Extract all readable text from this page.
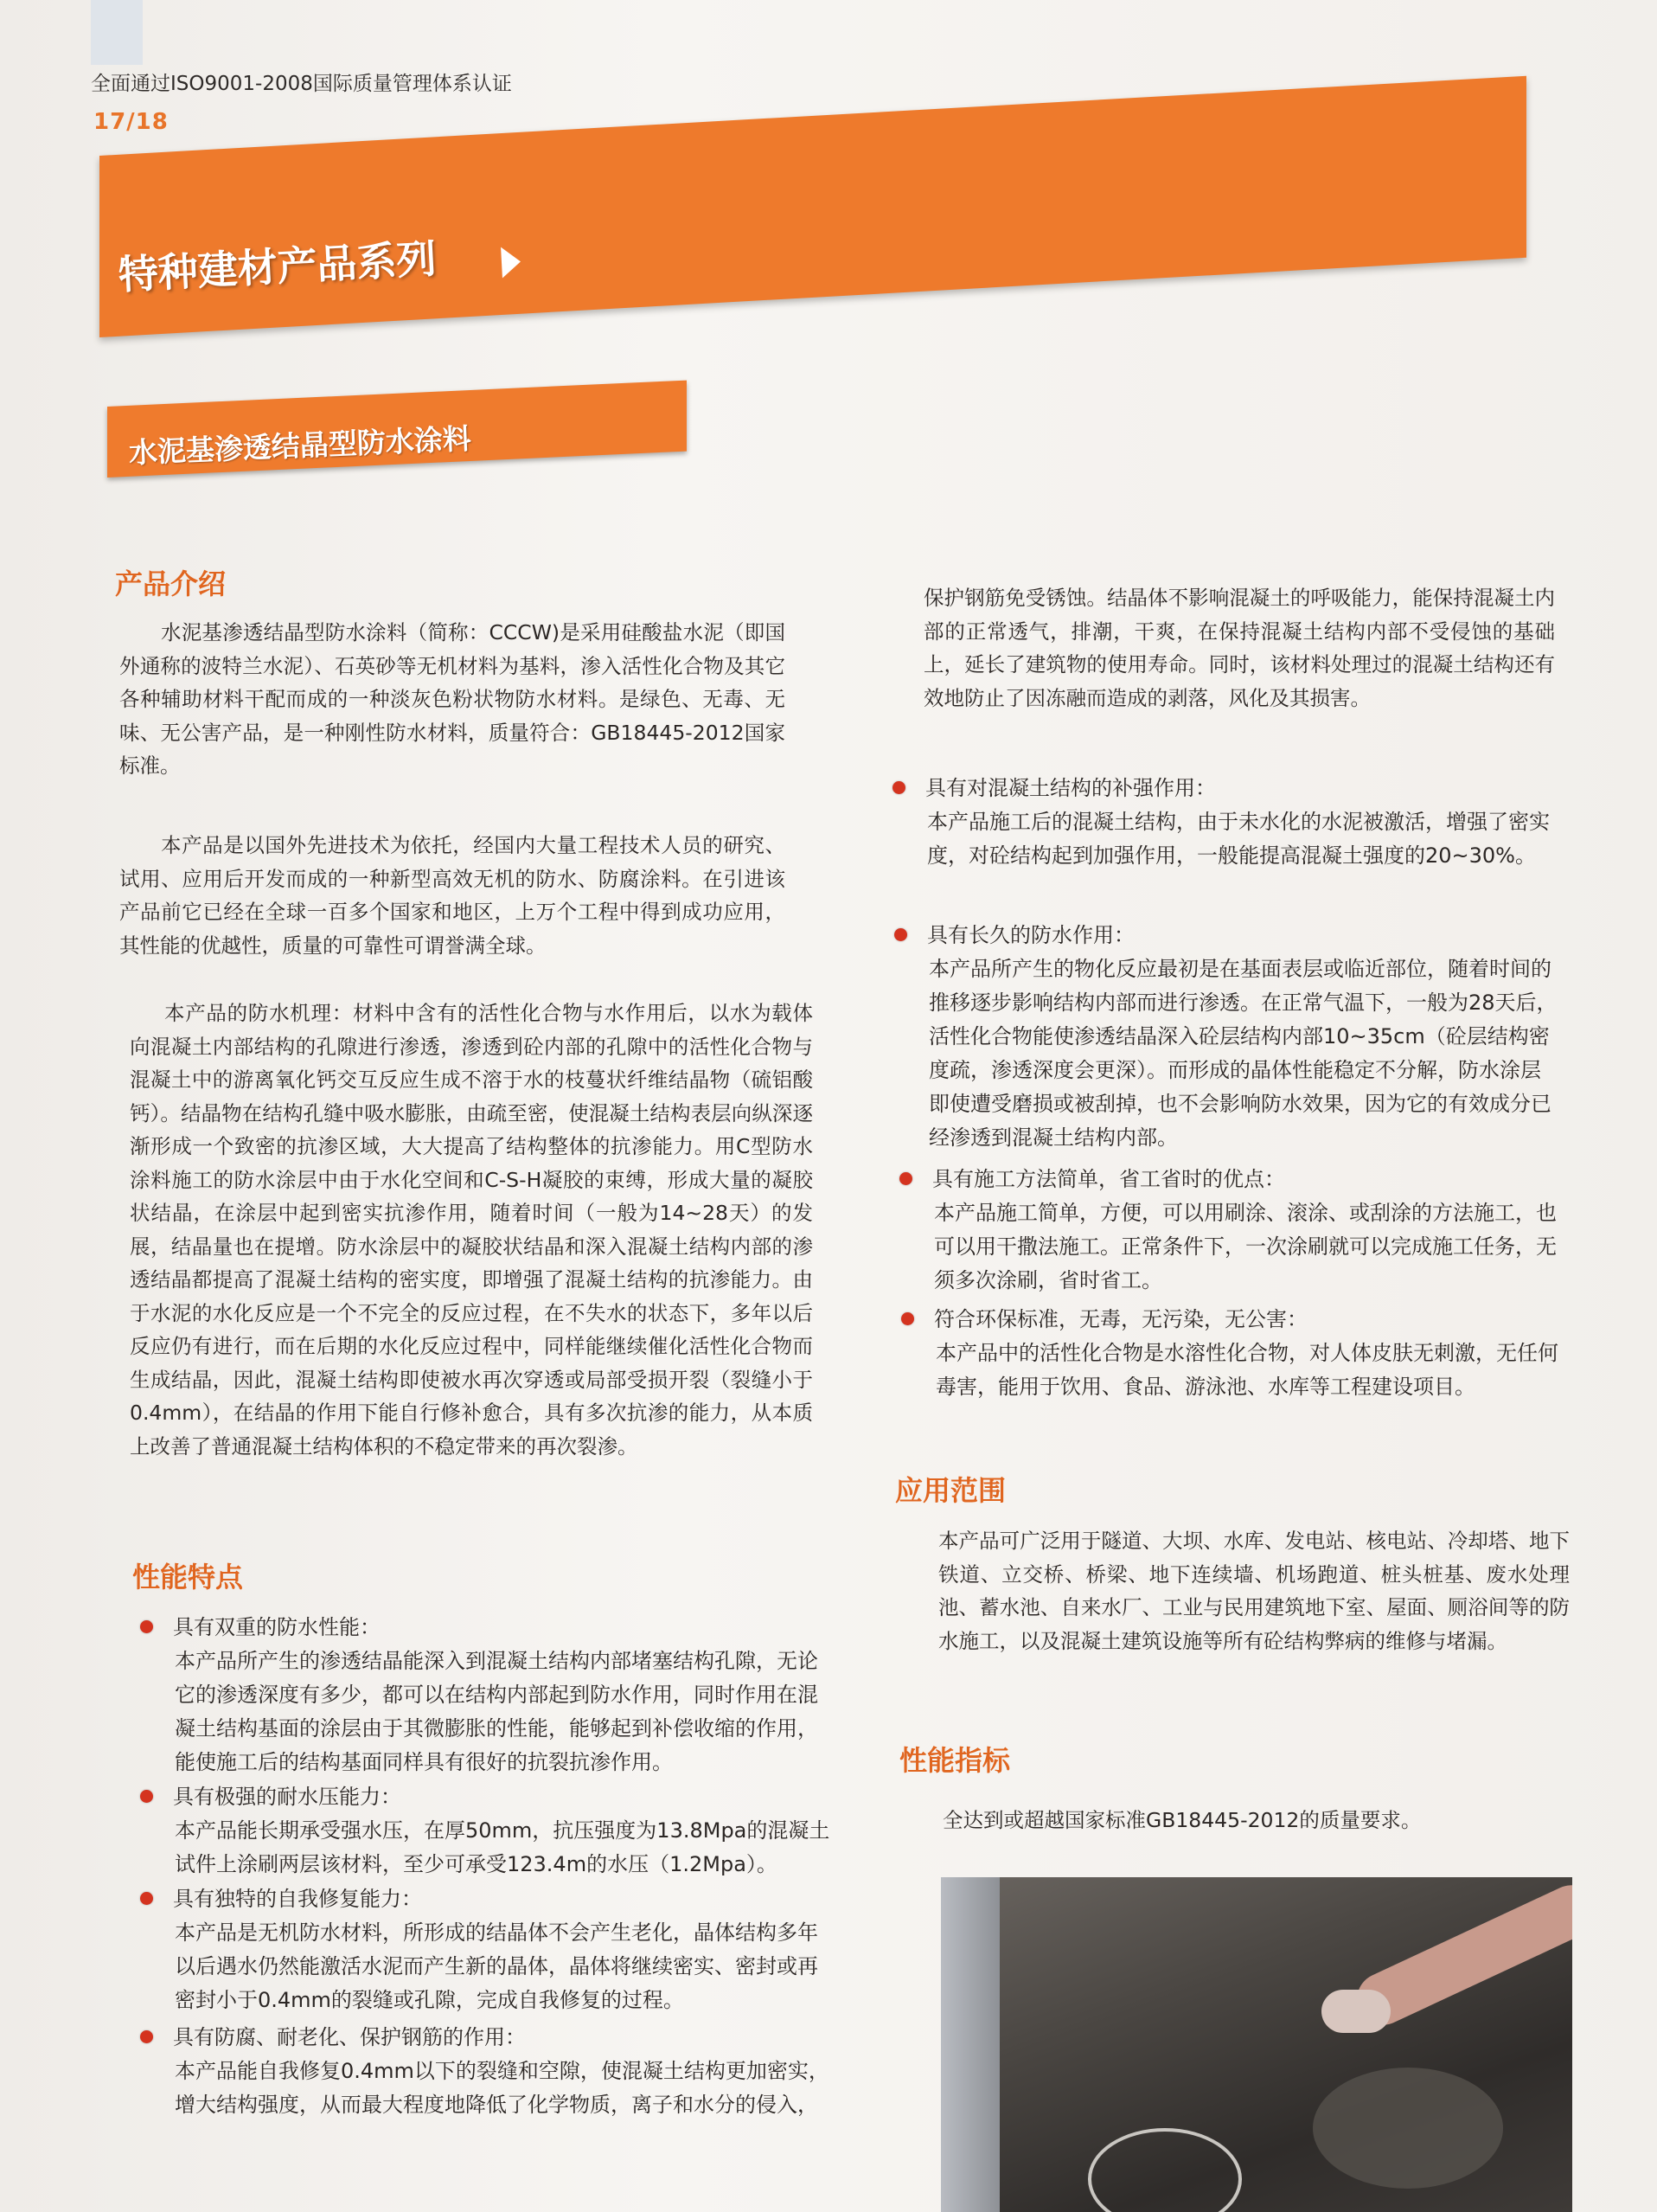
全面通过ISO9001-2008国际质量管理体系认证
17/18
特种建材产品系列
水泥基渗透结晶型防水涂料
产品介绍

水泥基渗透结晶型防水涂料（简称：CCCW)是采用硅酸盐水泥（即国外通称的波特兰水泥）、石英砂等无机材料为基料，渗入活性化合物及其它各种辅助材料干配而成的一种淡灰色粉状物防水材料。是绿色、无毒、无味、无公害产品，是一种刚性防水材料，质量符合：GB18445-2012国家标准。

本产品是以国外先进技术为依托，经国内大量工程技术人员的研究、试用、应用后开发而成的一种新型高效无机的防水、防腐涂料。在引进该产品前它已经在全球一百多个国家和地区，上万个工程中得到成功应用，其性能的优越性，质量的可靠性可谓誉满全球。

本产品的防水机理：材料中含有的活性化合物与水作用后，以水为载体向混凝土内部结构的孔隙进行渗透，渗透到砼内部的孔隙中的活性化合物与混凝土中的游离氧化钙交互反应生成不溶于水的枝蔓状纤维结晶物（硫铝酸钙）。结晶物在结构孔缝中吸水膨胀，由疏至密，使混凝土结构表层向纵深逐渐形成一个致密的抗渗区域，大大提高了结构整体的抗渗能力。用C型防水涂料施工的防水涂层中由于水化空间和C-S-H凝胶的束缚，形成大量的凝胶状结晶，在涂层中起到密实抗渗作用，随着时间（一般为14~28天）的发展，结晶量也在提增。防水涂层中的凝胶状结晶和深入混凝土结构内部的渗透结晶都提高了混凝土结构的密实度，即增强了混凝土结构的抗渗能力。由于水泥的水化反应是一个不完全的反应过程，在不失水的状态下，多年以后反应仍有进行，而在后期的水化反应过程中，同样能继续催化活性化合物而生成结晶，因此，混凝土结构即使被水再次穿透或局部受损开裂（裂缝小于0.4mm），在结晶的作用下能自行修补愈合，具有多次抗渗的能力，从本质上改善了普通混凝土结构体积的不稳定带来的再次裂渗。

性能特点
具有双重的防水性能：
本产品所产生的渗透结晶能深入到混凝土结构内部堵塞结构孔隙，无论它的渗透深度有多少，都可以在结构内部起到防水作用，同时作用在混凝土结构基面的涂层由于其微膨胀的性能，能够起到补偿收缩的作用，能使施工后的结构基面同样具有很好的抗裂抗渗作用。
具有极强的耐水压能力：
本产品能长期承受强水压，在厚50mm，抗压强度为13.8Mpa的混凝土试件上涂刷两层该材料，至少可承受123.4m的水压（1.2Mpa）。
具有独特的自我修复能力：
本产品是无机防水材料，所形成的结晶体不会产生老化，晶体结构多年以后遇水仍然能激活水泥而产生新的晶体，晶体将继续密实、密封或再密封小于0.4mm的裂缝或孔隙，完成自我修复的过程。
具有防腐、耐老化、保护钢筋的作用：
本产品能自我修复0.4mm以下的裂缝和空隙，使混凝土结构更加密实，增大结构强度，从而最大程度地降低了化学物质，离子和水分的侵入，

保护钢筋免受锈蚀。结晶体不影响混凝土的呼吸能力，能保持混凝土内部的正常透气，排潮，干爽，在保持混凝土结构内部不受侵蚀的基础上，延长了建筑物的使用寿命。同时，该材料处理过的混凝土结构还有效地防止了因冻融而造成的剥落，风化及其损害。

具有对混凝土结构的补强作用：
本产品施工后的混凝土结构，由于未水化的水泥被激活，增强了密实度，对砼结构起到加强作用，一般能提高混凝土强度的20~30%。
具有长久的防水作用：
本产品所产生的物化反应最初是在基面表层或临近部位，随着时间的推移逐步影响结构内部而进行渗透。在正常气温下，一般为28天后，活性化合物能使渗透结晶深入砼层结构内部10~35cm（砼层结构密度疏，渗透深度会更深）。而形成的晶体性能稳定不分解，防水涂层即使遭受磨损或被刮掉，也不会影响防水效果，因为它的有效成分已经渗透到混凝土结构内部。
具有施工方法简单，省工省时的优点：
本产品施工简单，方便，可以用刷涂、滚涂、或刮涂的方法施工，也可以用干撒法施工。正常条件下，一次涂刷就可以完成施工任务，无须多次涂刷，省时省工。
符合环保标准，无毒，无污染，无公害：
本产品中的活性化合物是水溶性化合物，对人体皮肤无刺激，无任何毒害，能用于饮用、食品、游泳池、水库等工程建设项目。
应用范围

本产品可广泛用于隧道、大坝、水库、发电站、核电站、冷却塔、地下铁道、立交桥、桥梁、地下连续墙、机场跑道、桩头桩基、废水处理池、蓄水池、自来水厂、工业与民用建筑地下室、屋面、厕浴间等的防水施工，以及混凝土建筑设施等所有砼结构弊病的维修与堵漏。

性能指标

全达到或超越国家标准GB18445-2012的质量要求。
